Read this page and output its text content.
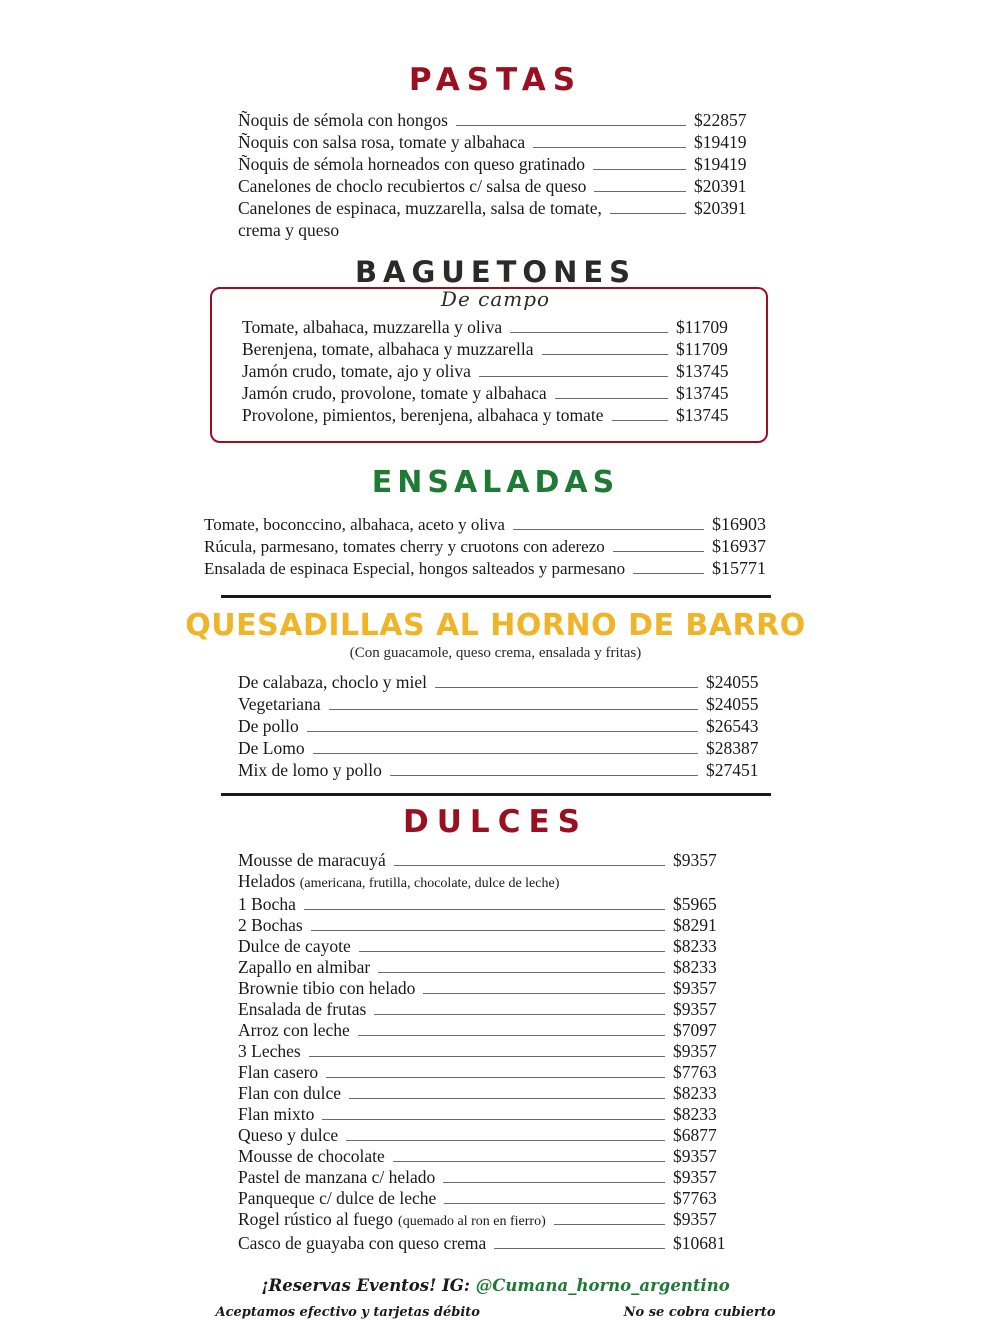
PASTAS
Ñoquis de sémola con hongos	$22857
Ñoquis con salsa rosa, tomate y albahaca	$19419
Ñoquis de sémola horneados con queso gratinado	$19419
Canelones de choclo recubiertos c/ salsa de queso	$20391
Canelones de espinaca, muzzarella, salsa de tomate,	$20391
crema y queso
BAGUETONES
De campo
Tomate, albahaca, muzzarella y oliva	$11709
Berenjena, tomate, albahaca y muzzarella	$11709
Jamón crudo, tomate, ajo y oliva	$13745
Jamón crudo, provolone, tomate y albahaca	$13745
Provolone, pimientos, berenjena, albahaca y tomate	$13745
ENSALADAS
Tomate, boconccino, albahaca, aceto y oliva	$16903
Rúcula, parmesano, tomates cherry y cruotons con aderezo	$16937
Ensalada de espinaca Especial, hongos salteados y parmesano	$15771
QUESADILLAS AL HORNO DE BARRO
(Con guacamole, queso crema, ensalada y fritas)
De calabaza, choclo y miel	$24055
Vegetariana	$24055
De pollo	$26543
De Lomo	$28387
Mix de lomo y pollo	$27451
DULCES
Mousse de maracuyá	$9357
Helados (americana, frutilla, chocolate, dulce de leche)
1 Bocha	$5965
2 Bochas	$8291
Dulce de cayote	$8233
Zapallo en almibar	$8233
Brownie tibio con helado	$9357
Ensalada de frutas	$9357
Arroz con leche	$7097
3 Leches	$9357
Flan casero	$7763
Flan con dulce	$8233
Flan mixto	$8233
Queso y dulce	$6877
Mousse de chocolate	$9357
Pastel de manzana c/ helado	$9357
Panqueque c/ dulce de leche	$7763
Rogel rústico al fuego (quemado al ron en fierro)	$9357
Casco de guayaba con queso crema	$10681
¡Reservas Eventos! IG: @Cumana_horno_argentino
Aceptamos efectivo y tarjetas débito	No se cobra cubierto
